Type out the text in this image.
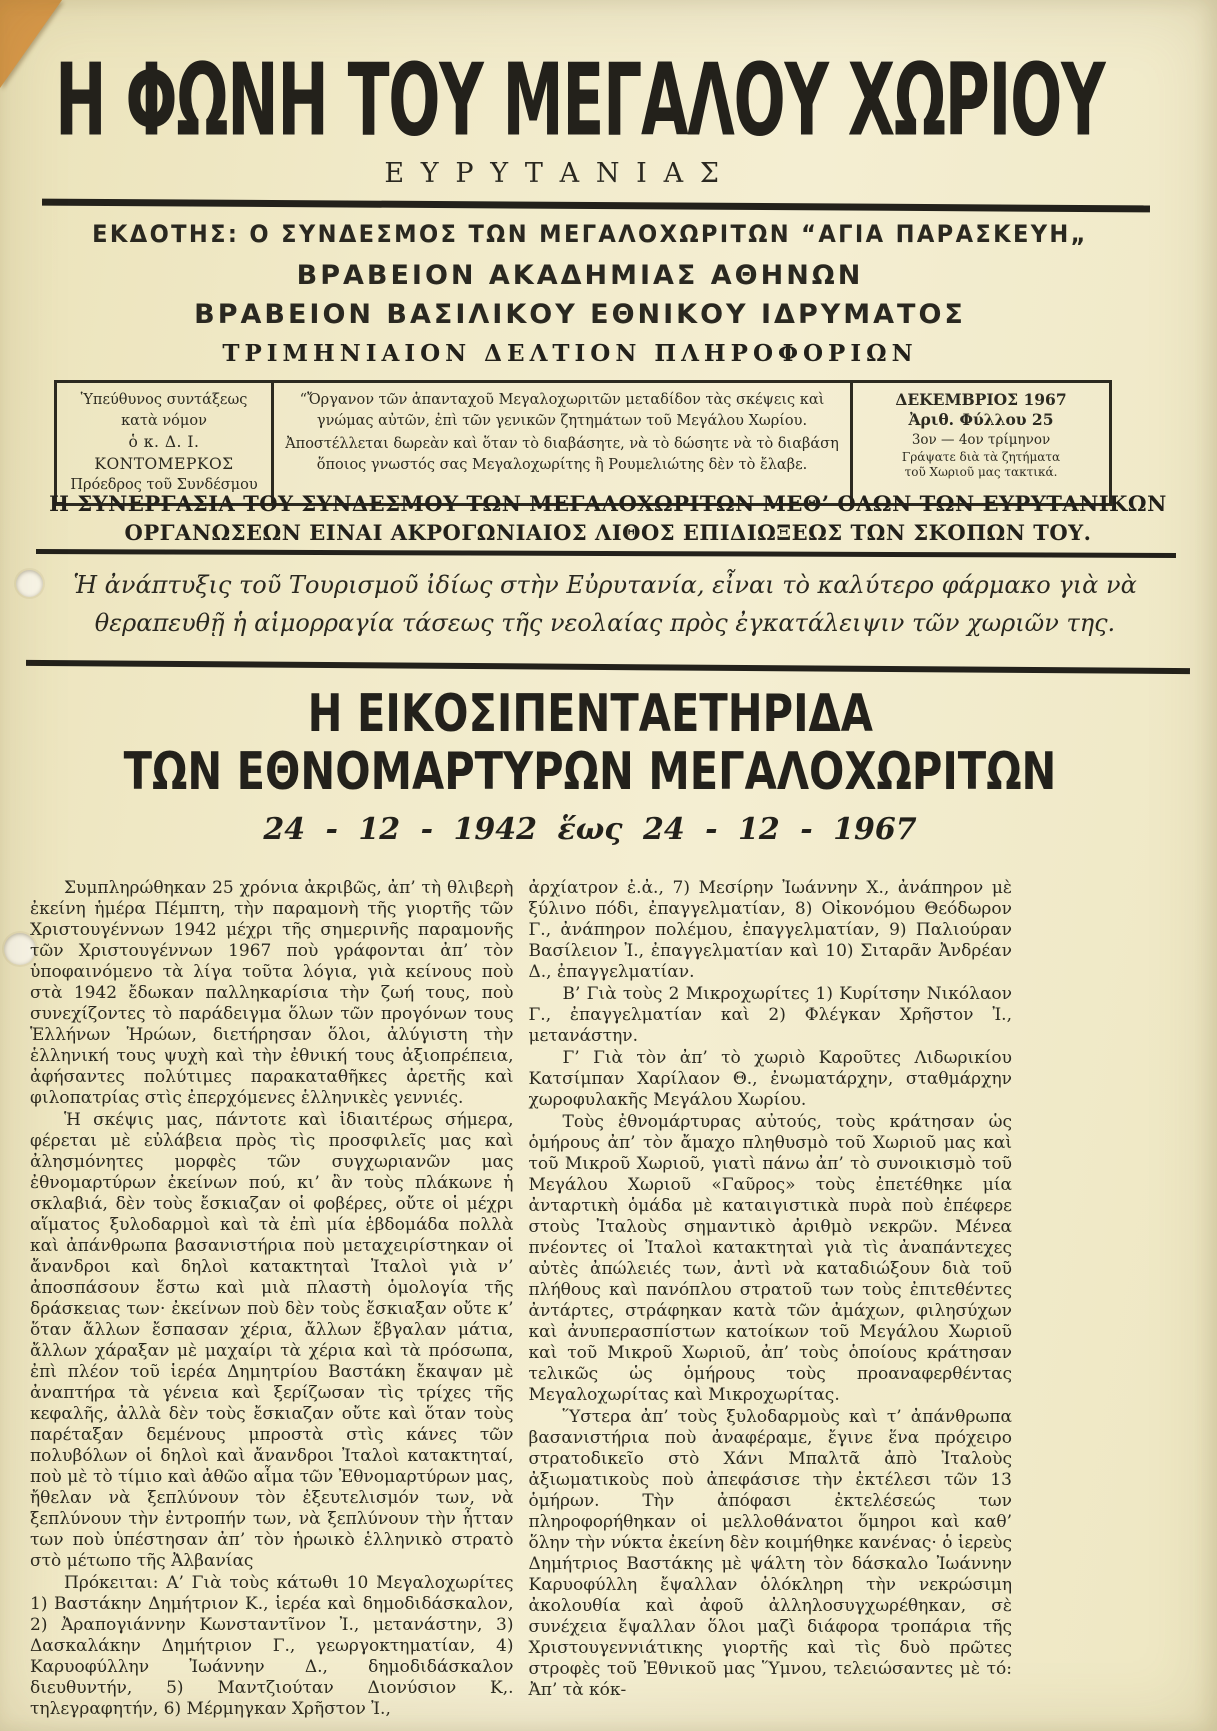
Η ΦΩΝΗ ΤΟΥ ΜΕΓΑΛΟΥ ΧΩΡΙΟΥ
ΕΥΡΥΤΑΝΙΑΣ
ΕΚΔΟΤΗΣ: Ο ΣΥΝΔΕΣΜΟΣ ΤΩΝ ΜΕΓΑΛΟΧΩΡΙΤΩΝ “ΑΓΙΑ ΠΑΡΑΣΚΕΥΗ„
ΒΡΑΒΕΙΟΝ ΑΚΑΔΗΜΙΑΣ ΑΘΗΝΩΝ
ΒΡΑΒΕΙΟΝ ΒΑΣΙΛΙΚΟΥ ΕΘΝΙΚΟΥ ΙΔΡΥΜΑΤΟΣ
ΤΡΙΜΗΝΙΑΙΟΝ ΔΕΛΤΙΟΝ ΠΛΗΡΟΦΟΡΙΩΝ
Ὑπεύθυνος συντάξεως
κατὰ νόμον
ὁ κ. Δ. Ι. ΚΟΝΤΟΜΕΡΚΟΣ
Πρόεδρος τοῦ Συνδέσμου

“Ὄργανον τῶν ἁπανταχοῦ Μεγαλοχωριτῶν μεταδίδον τὰς σκέψεις καὶ γνώμας αὐτῶν, ἐπὶ τῶν γενικῶν ζητημάτων τοῦ Μεγάλου Χωρίου.

Ἀποστέλλεται δωρεὰν καὶ ὅταν τὸ διαβάσητε, νὰ τὸ δώσητε νὰ τὸ διαβάση ὅποιος γνωστός σας Μεγαλοχωρίτης ἢ Ρουμελιώτης δὲν τὸ ἔλαβε.

ΔΕΚΕΜΒΡΙΟΣ 1967
Ἀριθ. Φύλλου 25
3ον — 4ον τρίμηνον
Γράψατε διὰ τὰ ζητήματα
τοῦ Χωριοῦ μας τακτικά.
Η ΣΥΝΕΡΓΑΣΙΑ ΤΟΥ ΣΥΝΔΕΣΜΟΥ ΤΩΝ ΜΕΓΑΛΟΧΩΡΙΤΩΝ ΜΕΘ’ ΟΛΩΝ ΤΩΝ ΕΥΡΥΤΑΝΙΚΩΝ ΟΡΓΑΝΩΣΕΩΝ ΕΙΝΑΙ ΑΚΡΟΓΩΝΙΑΙΟΣ ΛΙΘΟΣ ΕΠΙΔΙΩΞΕΩΣ ΤΩΝ ΣΚΟΠΩΝ ΤΟΥ.
Ἡ ἀνάπτυξις τοῦ Τουρισμοῦ ἰδίως στὴν Εὐρυτανία, εἶναι τὸ καλύτερο φάρμακο γιὰ νὰ θεραπευθῇ ἡ αἱμορραγία τάσεως τῆς νεολαίας πρὸς ἐγκατάλειψιν τῶν χωριῶν της.
Η ΕΙΚΟΣΙΠΕΝΤΑΕΤΗΡΙΔΑ
ΤΩΝ ΕΘΝΟΜΑΡΤΥΡΩΝ ΜΕΓΑΛΟΧΩΡΙΤΩΝ
24 - 12 - 1942 ἕως 24 - 12 - 1967

Συμπληρώθηκαν 25 χρόνια ἀκριβῶς, ἀπ’ τὴ θλιβερὴ ἐκείνη ἡμέρα Πέμπτη, τὴν παραμονὴ τῆς γιορτῆς τῶν Χριστουγέννων 1942 μέχρι τῆς σημερινῆς παραμονῆς τῶν Χριστουγέννων 1967 ποὺ γράφονται ἀπ’ τὸν ὑποφαινόμενο τὰ λίγα τοῦτα λόγια, γιὰ κείνους ποὺ στὰ 1942 ἔδωκαν παλληκαρίσια τὴν ζωή τους, ποὺ συνεχίζοντες τὸ παράδειγμα ὅλων τῶν προγόνων τους Ἑλλήνων Ἡρώων, διετήρησαν ὅλοι, ἀλύγιστη τὴν ἑλληνική τους ψυχὴ καὶ τὴν ἐθνική τους ἀξιοπρέπεια, ἀφήσαντες πολύτιμες παρακαταθῆκες ἀρετῆς καὶ φιλοπατρίας στὶς ἐπερχόμενες ἑλληνικὲς γεννιές.

Ἡ σκέψις μας, πάντοτε καὶ ἰδιαιτέρως σήμερα, φέρεται μὲ εὐλάβεια πρὸς τὶς προσφιλεῖς μας καὶ ἀλησμόνητες μορφὲς τῶν συγχωριανῶν μας ἐθνομαρτύρων ἐκείνων πού, κι’ ἂν τοὺς πλάκωνε ἡ σκλαβιά, δὲν τοὺς ἔσκιαζαν οἱ φοβέρες, οὔτε οἱ μέχρι αἵματος ξυλοδαρμοὶ καὶ τὰ ἐπὶ μία ἑβδομάδα πολλὰ καὶ ἀπάνθρωπα βασανιστήρια ποὺ μεταχειρίστηκαν οἱ ἄνανδροι καὶ δηλοὶ κατακτηταὶ Ἰταλοὶ γιὰ ν’ ἀποσπάσουν ἔστω καὶ μιὰ πλαστὴ ὁμολογία τῆς δράσκειας των· ἐκείνων ποὺ δὲν τοὺς ἔσκιαξαν οὔτε κ’ ὅταν ἄλλων ἔσπασαν χέρια, ἄλλων ἔβγαλαν μάτια, ἄλλων χάραξαν μὲ μαχαίρι τὰ χέρια καὶ τὰ πρόσωπα, ἐπὶ πλέον τοῦ ἱερέα Δημητρίου Βαστάκη ἔκαψαν μὲ ἀναπτήρα τὰ γένεια καὶ ξερίζωσαν τὶς τρίχες τῆς κεφαλῆς, ἀλλὰ δὲν τοὺς ἔσκιαζαν οὔτε καὶ ὅταν τοὺς παρέταξαν δεμένους μπροστὰ στὶς κάνες τῶν πολυβόλων οἱ δηλοὶ καὶ ἄνανδροι Ἰταλοὶ κατακτηταί, ποὺ μὲ τὸ τίμιο καὶ ἀθῶο αἷμα τῶν Ἐθνομαρτύρων μας, ἤθελαν νὰ ξεπλύνουν τὸν ἐξευτελισμόν των, νὰ ξεπλύνουν τὴν ἐντροπήν των, νὰ ξεπλύνουν τὴν ἧτταν των ποὺ ὑπέστησαν ἀπ’ τὸν ἡρωικὸ ἑλληνικὸ στρατὸ στὸ μέτωπο τῆς Ἀλβανίας

Πρόκειται: Α’ Γιὰ τοὺς κάτωθι 10 Μεγαλοχωρίτες 1) Βαστάκην Δημήτριον Κ., ἱερέα καὶ δημοδιδάσκαλον, 2) Ἀραπογιάννην Κωνσταντῖνον Ἰ., μετανάστην, 3) Δασκαλάκην Δημήτριον Γ., γεωργοκτηματίαν, 4) Καρυοφύλλην Ἰωάννην Δ., δημοδιδάσκαλον διευθυντήν, 5) Μαντζιούταν Διονύσιον Κ,. τηλεγραφητήν, 6) Μέρμηγκαν Χρῆστον Ἰ.,

ἀρχίατρον ἐ.ἀ., 7) Μεσίρην Ἰωάννην Χ., ἀνάπηρον μὲ ξύλινο πόδι, ἐπαγγελματίαν, 8) Οἰκονόμου Θεόδωρον Γ., ἀνάπηρον πολέμου, ἐπαγγελματίαν, 9) Παλιούραν Βασίλειον Ἰ., ἐπαγγελματίαν καὶ 10) Σιταρᾶν Ἀνδρέαν Δ., ἐπαγγελματίαν.

Β’ Γιὰ τοὺς 2 Μικροχωρίτες 1) Κυρίτσην Νικόλαον Γ., ἐπαγγελματίαν καὶ 2) Φλέγκαν Χρῆστον Ἰ., μετανάστην.

Γ’ Γιὰ τὸν ἀπ’ τὸ χωριὸ Καροῦτες Λιδωρικίου Κατσίμπαν Χαρίλαον Θ., ἐνωματάρχην, σταθμάρχην χωροφυλακῆς Μεγάλου Χωρίου.

Τοὺς ἐθνομάρτυρας αὐτούς, τοὺς κράτησαν ὡς ὁμήρους ἀπ’ τὸν ἄμαχο πληθυσμὸ τοῦ Χωριοῦ μας καὶ τοῦ Μικροῦ Χωριοῦ, γιατὶ πάνω ἀπ’ τὸ συνοικισμὸ τοῦ Μεγάλου Χωριοῦ «Γαῦρος» τοὺς ἐπετέθηκε μία ἀνταρτικὴ ὁμάδα μὲ καταιγιστικὰ πυρὰ ποὺ ἐπέφερε στοὺς Ἰταλοὺς σημαντικὸ ἀριθμὸ νεκρῶν. Μένεα πνέοντες οἱ Ἰταλοὶ κατακτηταὶ γιὰ τὶς ἀναπάντεχες αὐτὲς ἀπώλειές των, ἀντὶ νὰ καταδιώξουν διὰ τοῦ πλήθους καὶ πανόπλου στρατοῦ των τοὺς ἐπιτεθέντες ἀντάρτες, στράφηκαν κατὰ τῶν ἀμάχων, φιλησύχων καὶ ἀνυπερασπίστων κατοίκων τοῦ Μεγάλου Χωριοῦ καὶ τοῦ Μικροῦ Χωριοῦ, ἀπ’ τοὺς ὁποίους κράτησαν τελικῶς ὡς ὁμήρους τοὺς προαναφερθέντας Μεγαλοχωρίτας καὶ Μικροχωρίτας.

Ὕστερα ἀπ’ τοὺς ξυλοδαρμοὺς καὶ τ’ ἀπάνθρωπα βασανιστήρια ποὺ ἀναφέραμε, ἔγινε ἕνα πρόχειρο στρατοδικεῖο στὸ Χάνι Μπαλτᾶ ἀπὸ Ἰταλοὺς ἀξιωματικοὺς ποὺ ἀπεφάσισε τὴν ἐκτέλεσι τῶν 13 ὁμήρων. Τὴν ἀπόφασι ἐκτελέσεώς των πληροφορήθηκαν οἱ μελλοθάνατοι ὅμηροι καὶ καθ’ ὅλην τὴν νύκτα ἐκείνη δὲν κοιμήθηκε κανένας· ὁ ἱερεὺς Δημήτριος Βαστάκης μὲ ψάλτη τὸν δάσκαλο Ἰωάννην Καρυοφύλλη ἔψαλλαν ὁλόκληρη τὴν νεκρώσιμη ἀκολουθία καὶ ἀφοῦ ἀλληλοσυγχωρέθηκαν, σὲ συνέχεια ἔψαλλαν ὅλοι μαζὶ διάφορα τροπάρια τῆς Χριστουγεννιάτικης γιορτῆς καὶ τὶς δυὸ πρῶτες στροφὲς τοῦ Ἐθνικοῦ μας Ὕμνου, τελειώσαντες μὲ τό: Ἀπ’ τὰ κόκ-
